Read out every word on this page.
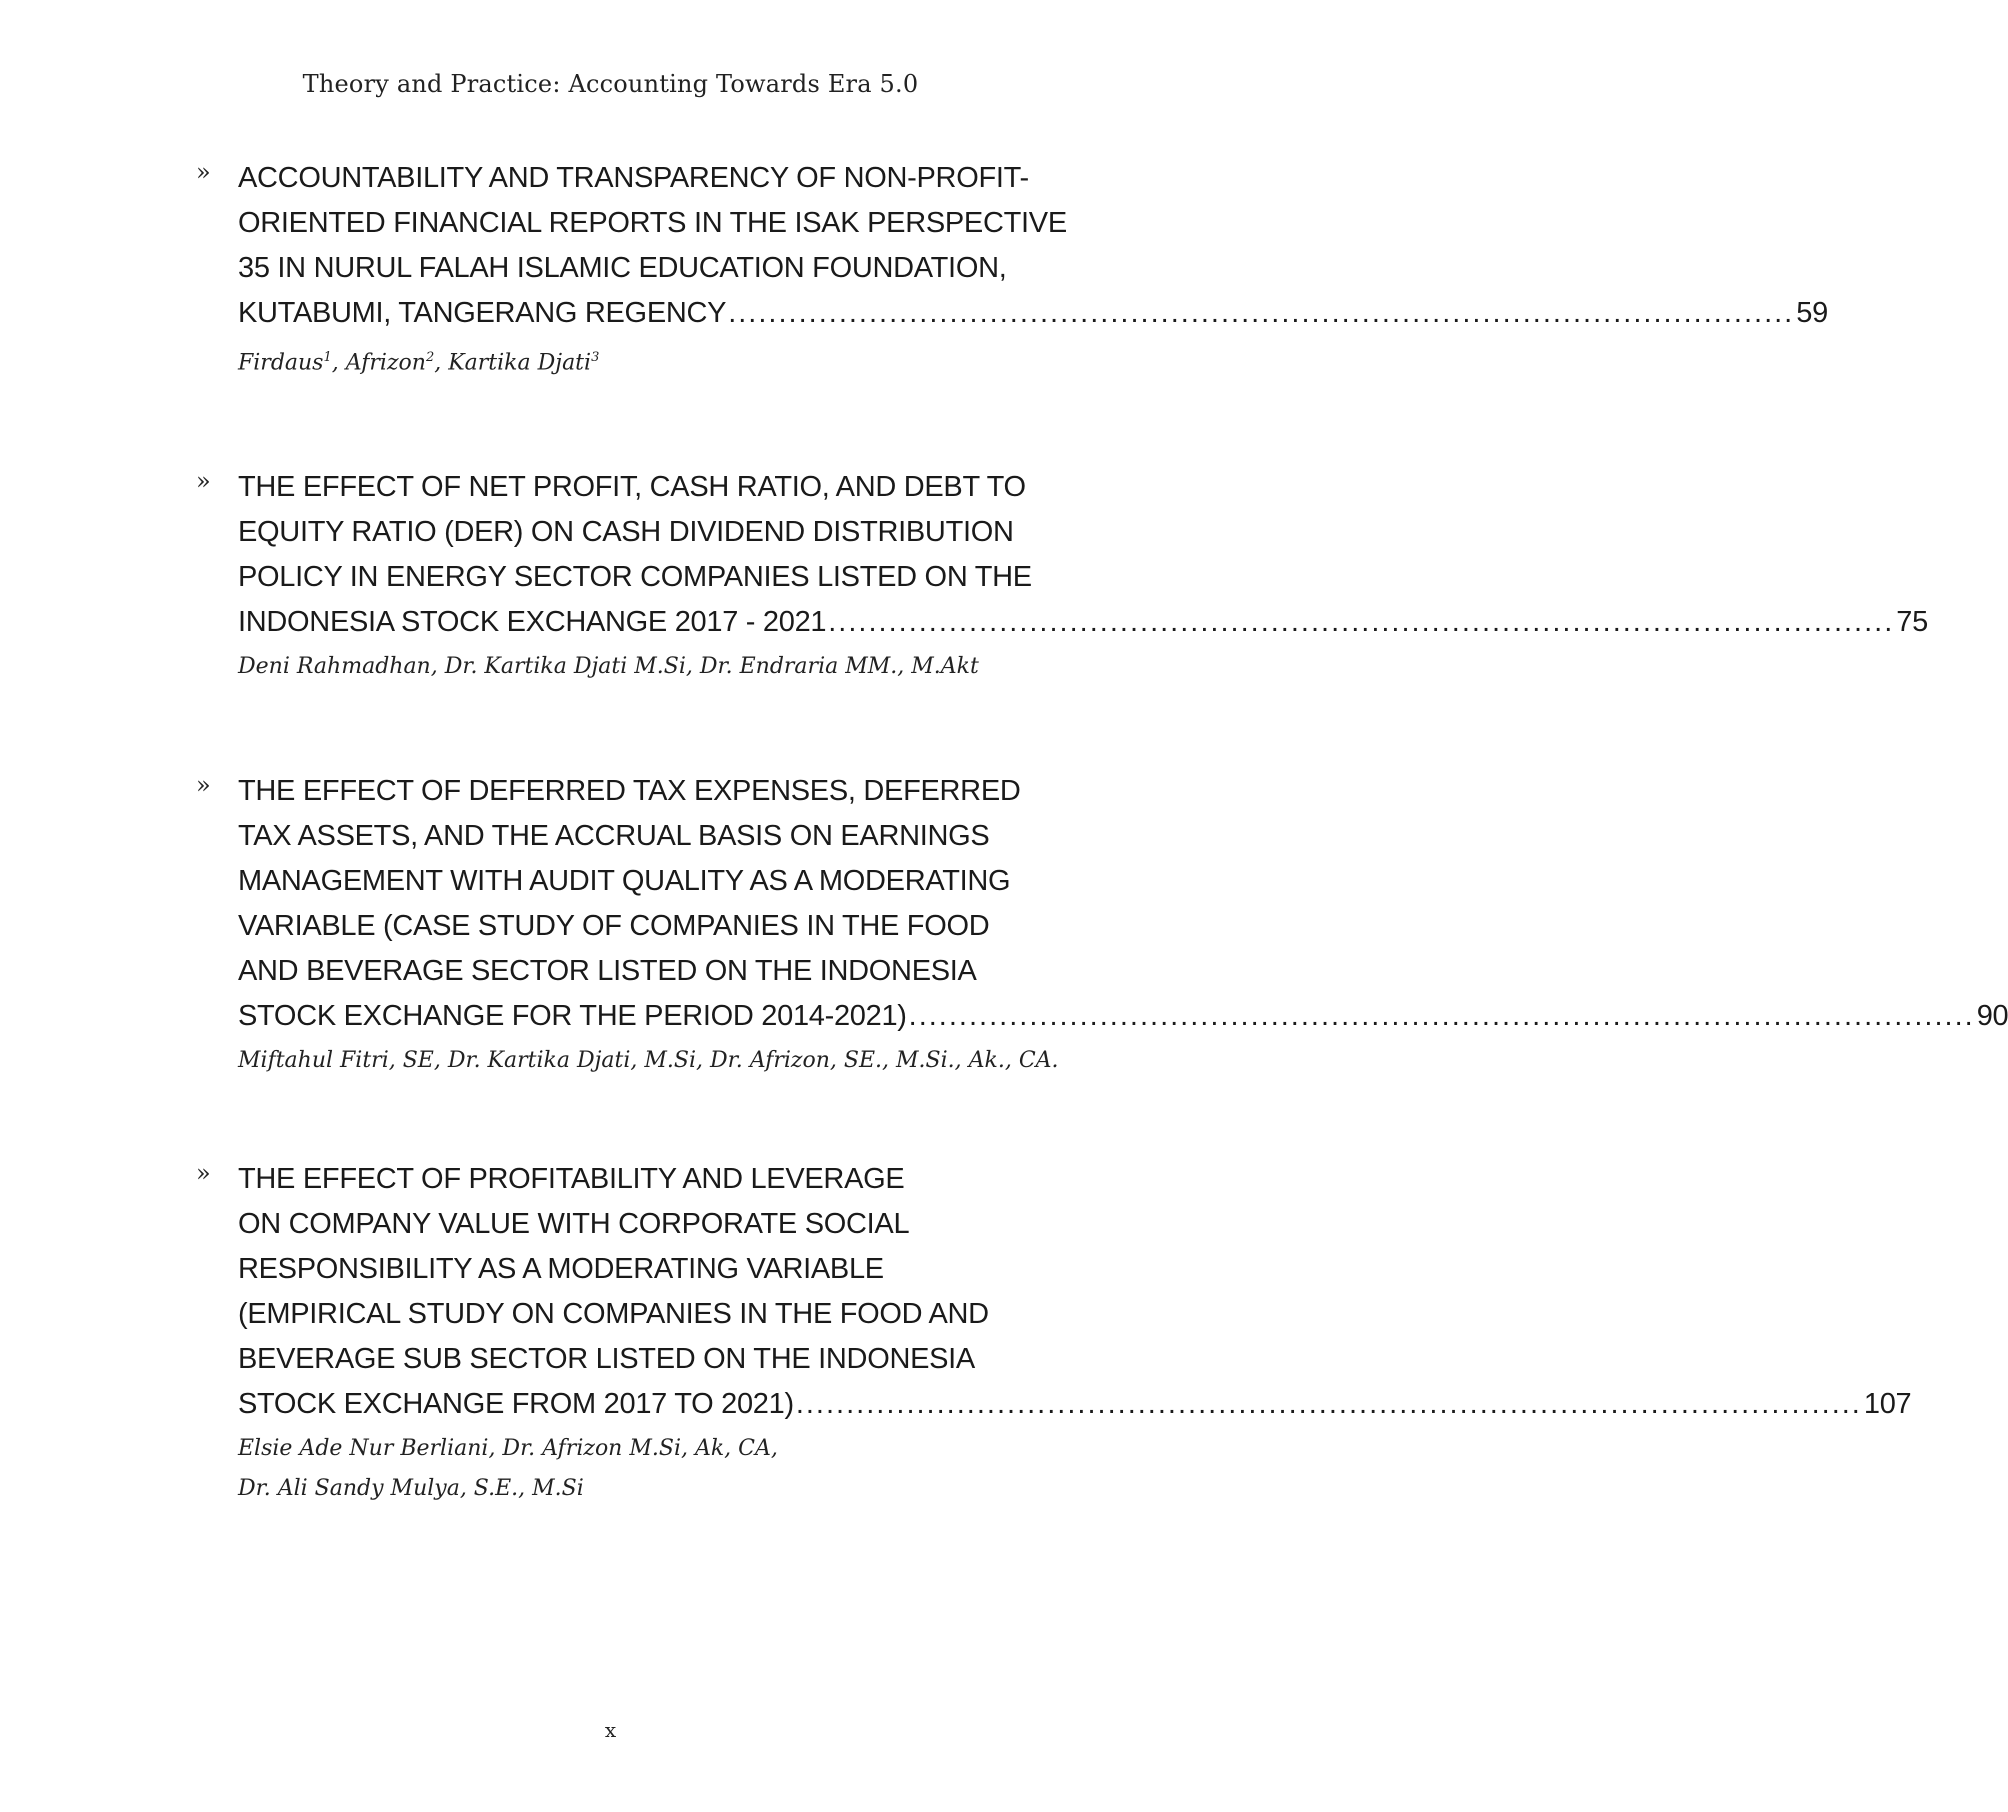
Theory and Practice: Accounting Towards Era 5.0
» ACCOUNTABILITY AND TRANSPARENCY OF NON-PROFIT-
ORIENTED FINANCIAL REPORTS IN THE ISAK PERSPECTIVE
35 IN NURUL FALAH ISLAMIC EDUCATION FOUNDATION,
KUTABUMI, TANGERANG REGENCY .......................................................................................................... 59
Firdaus$^1$, Afrizon$^2$, Kartika Djati$^3$
» THE EFFECT OF NET PROFIT, CASH RATIO, AND DEBT TO
EQUITY RATIO (DER) ON CASH DIVIDEND DISTRIBUTION
POLICY IN ENERGY SECTOR COMPANIES LISTED ON THE
INDONESIA STOCK EXCHANGE 2017 - 2021 .......................................................................................................... 75
Deni Rahmadhan, Dr. Kartika Djati M.Si, Dr. Endraria MM., M.Akt
» THE EFFECT OF DEFERRED TAX EXPENSES, DEFERRED
TAX ASSETS, AND THE ACCRUAL BASIS ON EARNINGS
MANAGEMENT WITH AUDIT QUALITY AS A MODERATING
VARIABLE (CASE STUDY OF COMPANIES IN THE FOOD
AND BEVERAGE SECTOR LISTED ON THE INDONESIA
STOCK EXCHANGE FOR THE PERIOD 2014-2021) .......................................................................................................... 90
Miftahul Fitri, SE, Dr. Kartika Djati, M.Si, Dr. Afrizon, SE., M.Si., Ak., CA.
» THE EFFECT OF PROFITABILITY AND LEVERAGE
ON COMPANY VALUE WITH CORPORATE SOCIAL
RESPONSIBILITY AS A MODERATING VARIABLE
(EMPIRICAL STUDY ON COMPANIES IN THE FOOD AND
BEVERAGE SUB SECTOR LISTED ON THE INDONESIA
STOCK EXCHANGE FROM 2017 TO 2021) .......................................................................................................... 107
Elsie Ade Nur Berliani, Dr. Afrizon M.Si, Ak, CA,
Dr. Ali Sandy Mulya, S.E., M.Si
x
